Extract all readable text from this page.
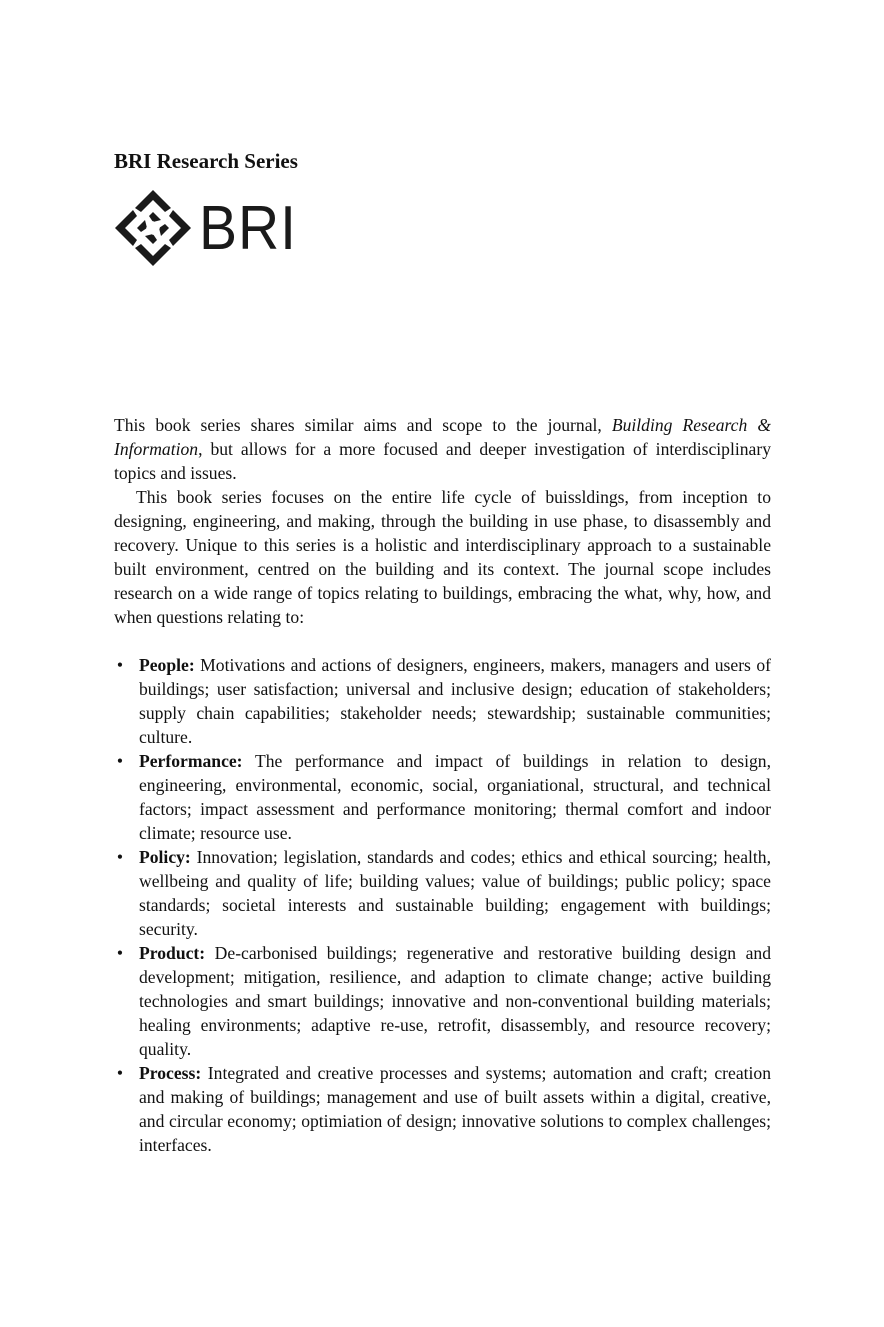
BRI Research Series
BRI

This book series shares similar aims and scope to the journal, Building Research & Information, but allows for a more focused and deeper investigation of interdisciplinary topics and issues.

This book series focuses on the entire life cycle of buissldings, from inception to designing, engineering, and making, through the building in use phase, to disassembly and recovery. Unique to this series is a holistic and interdisciplinary approach to a sustainable built environment, centred on the building and its context. The journal scope includes research on a wide range of topics relating to buildings, embracing the what, why, how, and when questions relating to:

• People: Motivations and actions of designers, engineers, makers, managers and users of buildings; user satisfaction; universal and inclusive design; education of stakeholders; supply chain capabilities; stakeholder needs; stewardship; sustainable communities; culture.
• Performance: The performance and impact of buildings in relation to design, engineering, environmental, economic, social, organiational, structural, and technical factors; impact assessment and performance monitoring; thermal comfort and indoor climate; resource use.
• Policy: Innovation; legislation, standards and codes; ethics and ethical sourcing; health, wellbeing and quality of life; building values; value of buildings; public policy; space standards; societal interests and sustainable building; engagement with buildings; security.
• Product: De-carbonised buildings; regenerative and restorative building design and development; mitigation, resilience, and adaption to climate change; active building technologies and smart buildings; innovative and non-conventional building materials; healing environments; adaptive re-use, retrofit, disassembly, and resource recovery; quality.
• Process: Integrated and creative processes and systems; automation and craft; creation and making of buildings; management and use of built assets within a digital, creative, and circular economy; optimiation of design; innovative solutions to complex challenges; interfaces.
